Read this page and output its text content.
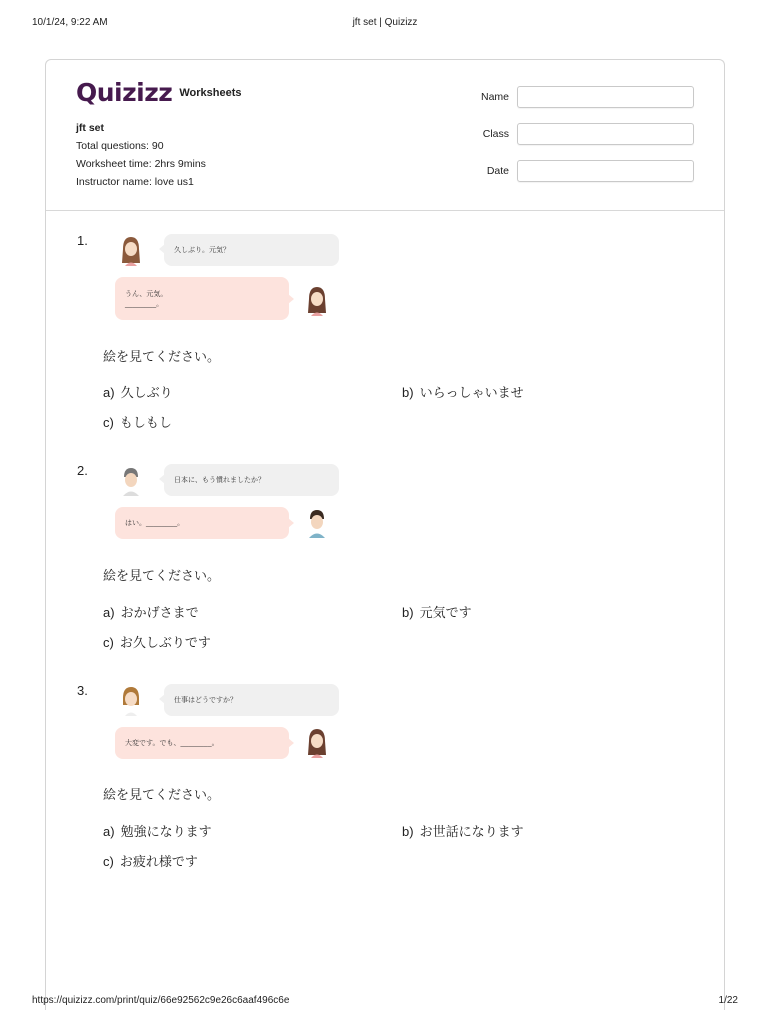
10/1/24, 9:22 AM	jft set | Quizizz
Quizizz Worksheets
jft set
Total questions: 90
Worksheet time: 2hrs 9mins
Instructor name: love us1
Name
Class
Date
1.
久しぶり。元気？
うん、元気。
________。
絵を見てください。
a) 久しぶり	b) いらっしゃいませ
c) もしもし
2.
日本に、もう慣れましたか？
はい。________。
絵を見てください。
a) おかげさまで	b) 元気です
c) お久しぶりです
3.
仕事はどうですか？
大変です。でも、________。
絵を見てください。
a) 勉強になります	b) お世話になります
c) お疲れ様です
https://quizizz.com/print/quiz/66e92562c9e26c6aaf496c6e	1/22
